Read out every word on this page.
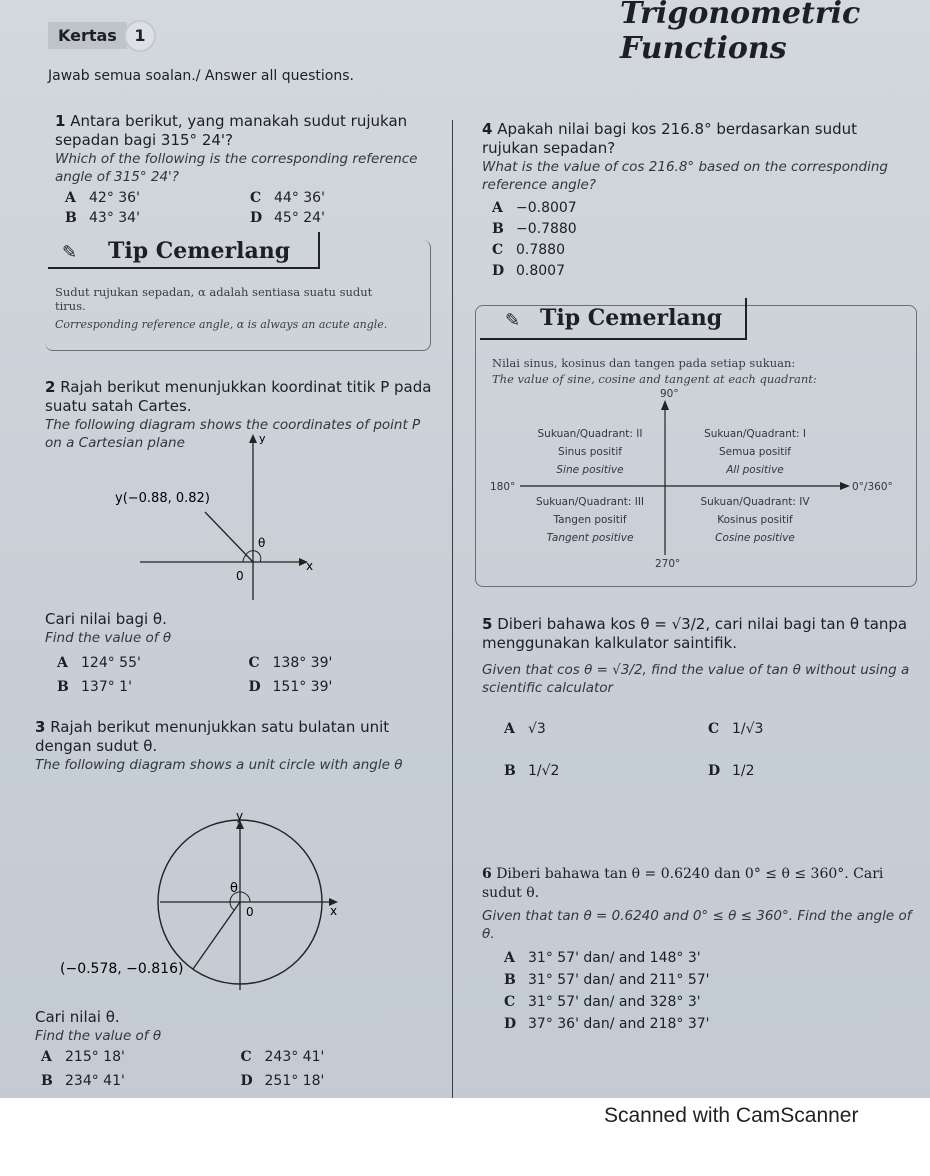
Trigonometric Functions
Kertas	1
Jawab semua soalan./ Answer all questions.
1 Antara berikut, yang manakah sudut rujukan sepadan bagi 315° 24'?
Which of the following is the corresponding reference angle of 315° 24'?
A 42° 36'	C 44° 36'
B 43° 34'	D 45° 24'
✎ Tip Cemerlang
Sudut rujukan sepadan, α adalah sentiasa suatu sudut tirus.
Corresponding reference angle, α is always an acute angle.
2 Rajah berikut menunjukkan koordinat titik P pada suatu satah Cartes.
The following diagram shows the coordinates of point P on a Cartesian plane	y
x
0
θ
y(−0.88, 0.82)
Cari nilai bagi θ.
Find the value of θ
A 124° 55'	C 138° 39'
B 137° 1'	D 151° 39'
3 Rajah berikut menunjukkan satu bulatan unit dengan sudut θ.
The following diagram shows a unit circle with angle θ
y
x
0
θ
(−0.578, −0.816)
Cari nilai θ.
Find the value of θ
A 215° 18'	C 243° 41'
B 234° 41'	D 251° 18'
4 Apakah nilai bagi kos 216.8° berdasarkan sudut rujukan sepadan?
What is the value of cos 216.8° based on the corresponding reference angle?
A −0.8007
B −0.7880
C 0.7880
D 0.8007
✎ Tip Cemerlang
Nilai sinus, kosinus dan tangen pada setiap sukuan:
The value of sine, cosine and tangent at each quadrant:
90°
180°	0°/360°
270°
Sukuan/Quadrant: II
Sinus positif
Sine positive
Sukuan/Quadrant: I
Semua positif
All positive
Sukuan/Quadrant: III
Tangen positif
Tangent positive
Sukuan/Quadrant: IV
Kosinus positif
Cosine positive
5 Diberi bahawa kos θ = √3/2, cari nilai bagi tan θ tanpa menggunakan kalkulator saintifik.
Given that cos θ = √3/2, find the value of tan θ without using a scientific calculator
A √3	C 1/√3
B 1/√2	D 1/2
6 Diberi bahawa tan θ = 0.6240 dan 0° ≤ θ ≤ 360°. Cari sudut θ.
Given that tan θ = 0.6240 and 0° ≤ θ ≤ 360°. Find the angle of θ.
A 31° 57' dan/ and 148° 3'
B 31° 57' dan/ and 211° 57'
C 31° 57' dan/ and 328° 3'
D 37° 36' dan/ and 218° 37'
Scanned with CamScanner
